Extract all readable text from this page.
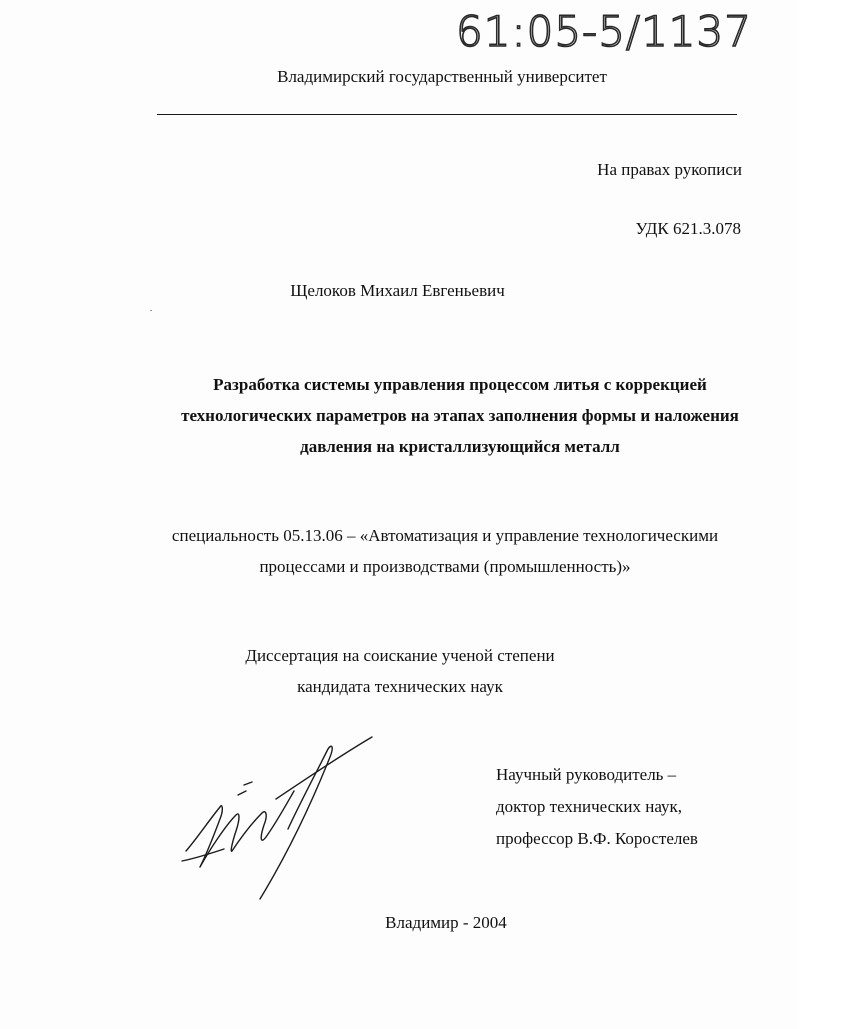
61:05-5/1137
Владимирский государственный университет
На правах рукописи
УДК 621.3.078
Щелоков Михаил Евгеньевич
Разработка системы управления процессом литья с коррекцией
технологических параметров на этапах заполнения формы и наложения
давления на кристаллизующийся металл
специальность 05.13.06 – «Автоматизация и управление технологическими
процессами и производствами (промышленность)»
Диссертация на соискание ученой степени
кандидата технических наук
Научный руководитель –
доктор технических наук,
профессор В.Ф. Коростелев
Владимир - 2004
